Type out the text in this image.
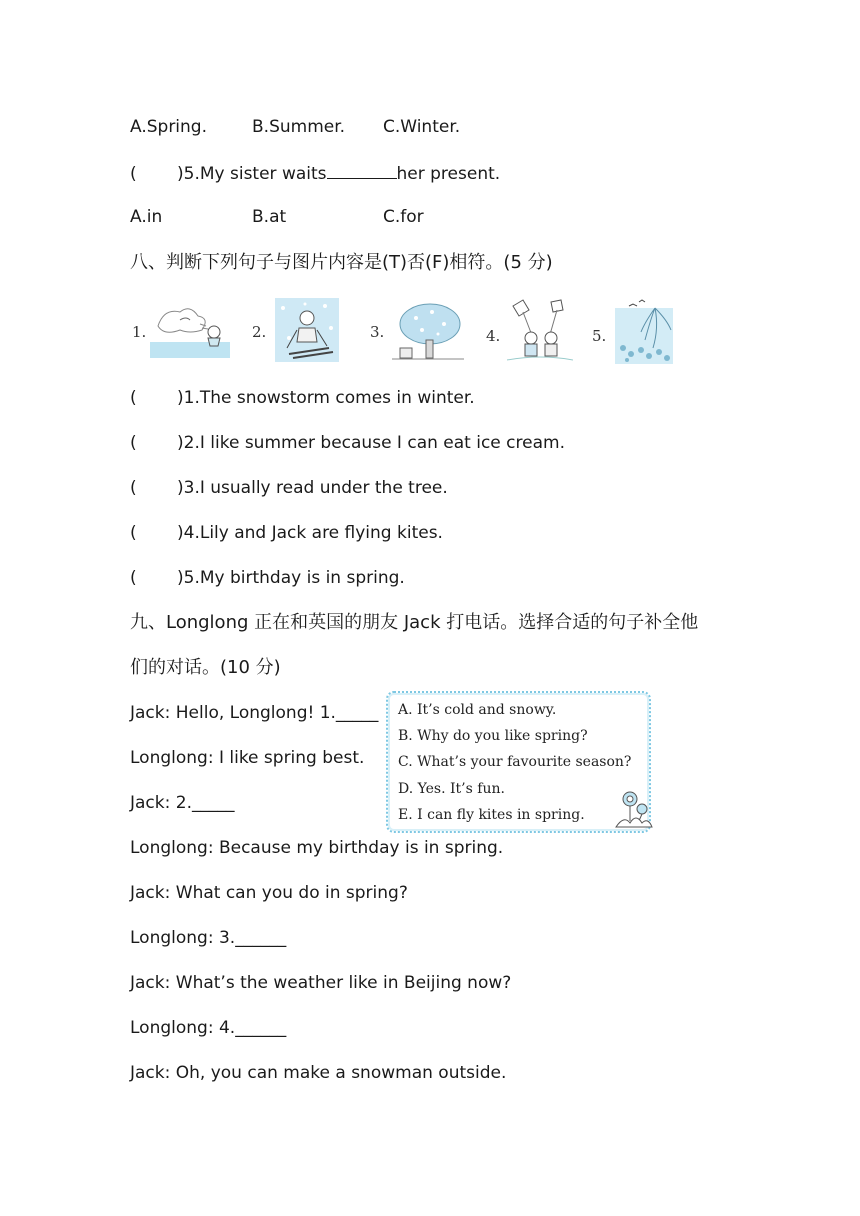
A.Spring.	B.Summer. C.Winter.
( )5.My sister waits	her present.
A.in	B.at	C.for
八、判断下列句子与图片内容是(T)否(F)相符。(5 分)
1.	2.	3.	4.	5.
( )1.The snowstorm comes in winter.
( )2.I like summer because I can eat ice cream.
( )3.I usually read under the tree.
( )4.Lily and Jack are flying kites.
( )5.My birthday is in spring.
九、Longlong 正在和英国的朋友 Jack 打电话。选择合适的句子补全他
们的对话。(10 分)
Jack: Hello, Longlong! 1._____
Longlong: I like spring best.
Jack: 2._____
Longlong: Because my birthday is in spring.
Jack: What can you do in spring?
Longlong: 3.______
Jack: What’s the weather like in Beijing now?
Longlong: 4.______
Jack: Oh, you can make a snowman outside.
A. It’s cold and snowy.
B. Why do you like spring?
C. What’s your favourite season?
D. Yes. It’s fun.
E. I can fly kites in spring.
